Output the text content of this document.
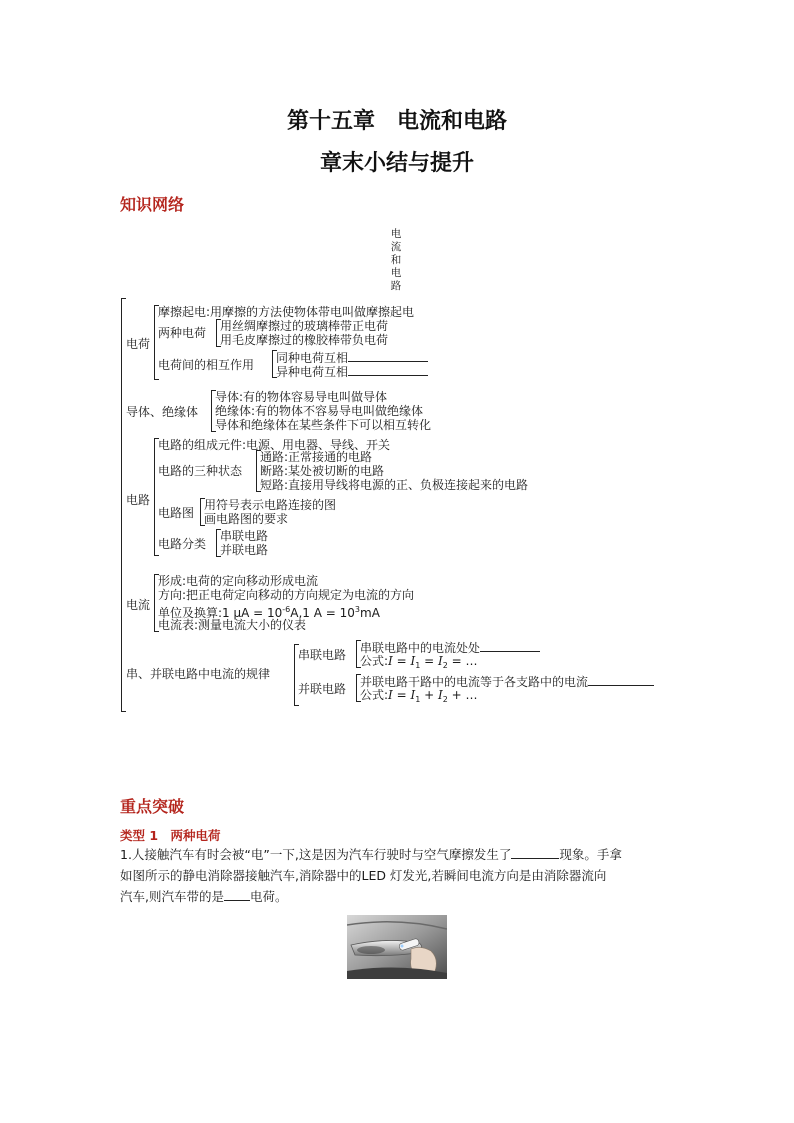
第十五章　电流和电路
章末小结与提升
知识网络
电
流
和
电
路
电荷
摩擦起电:用摩擦的方法使物体带电叫做摩擦起电
两种电荷 用丝绸摩擦过的玻璃棒带正电荷
用毛皮摩擦过的橡胶棒带负电荷
电荷间的相互作用 同种电荷互相
异种电荷互相
导体、绝缘体
导体:有的物体容易导电叫做导体
绝缘体:有的物体不容易导电叫做绝缘体
导体和绝缘体在某些条件下可以相互转化
电路
电路的组成元件:电源、用电器、导线、开关
电路的三种状态
通路:正常接通的电路
断路:某处被切断的电路
短路:直接用导线将电源的正、负极连接起来的电路
电路图
用符号表示电路连接的图
画电路图的要求
电路分类
串联电路
并联电路
电流
形成:电荷的定向移动形成电流
方向:把正电荷定向移动的方向规定为电流的方向
单位及换算:1 $\mu A = 10^{-6}A,1$ $A = 10^3mA$
电流表:测量电流大小的仪表
串、并联电路中电流的规律
串联电路 串联电路中的电流处处
公式:I = $I_1 = I_2$ = …
并联电路 并联电路干路中的电流等于各支路中的电流
公式:I = $I_1 + I_2$ + …
重点突破
类型 1　两种电荷
1.人接触汽车有时会被“电”一下,这是因为汽车行驶时与空气摩擦发生了	现象。手拿
如图所示的静电消除器接触汽车,消除器中的LED 灯发光,若瞬间电流方向是由消除器流向
汽车,则汽车带的是 电荷。
